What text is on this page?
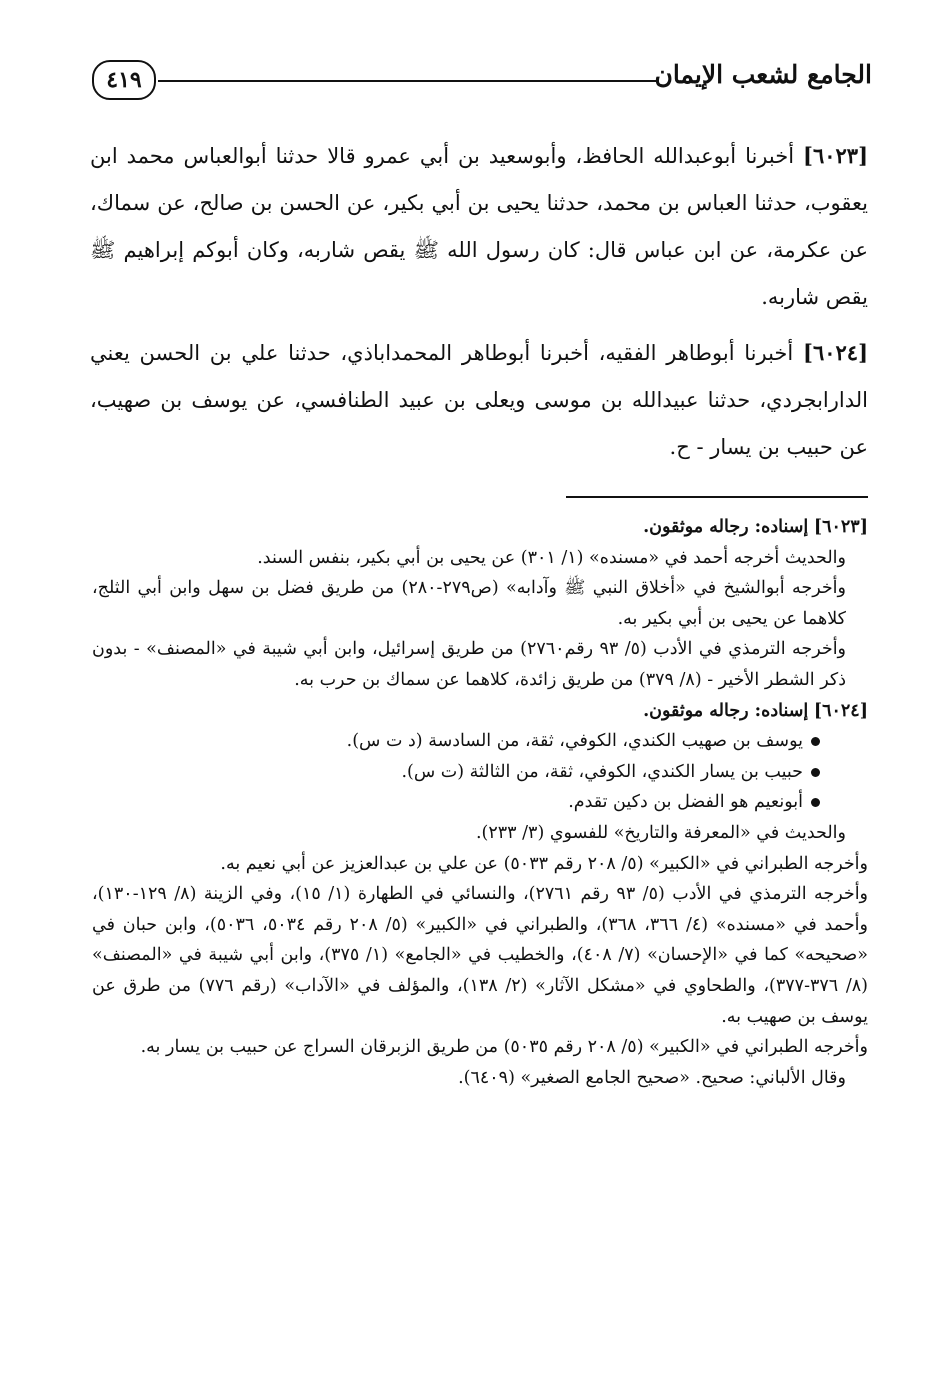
الجامع لشعب الإيمان
٤١٩

[٦٠٢٣] أخبرنا أبوعبدالله الحافظ، وأبوسعيد بن أبي عمرو قالا حدثنا أبوالعباس محمد ابن يعقوب، حدثنا العباس بن محمد، حدثنا يحيى بن أبي بكير، عن الحسن بن صالح، عن سماك، عن عكرمة، عن ابن عباس قال: كان رسول الله ﷺ يقص شاربه، وكان أبوكم إبراهيم ﷺ يقص شاربه.

[٦٠٢٤] أخبرنا أبوطاهر الفقيه، أخبرنا أبوطاهر المحمداباذي، حدثنا علي بن الحسن يعني الدارابجردي، حدثنا عبيدالله بن موسى ويعلى بن عبيد الطنافسي، عن يوسف بن صهيب، عن حبيب بن يسار - ح.

[٦٠٢٣] إسناده: رجاله موثقون.

والحديث أخرجه أحمد في «مسنده» (١/ ٣٠١) عن يحيى بن أبي بكير، بنفس السند.

وأخرجه أبوالشيخ في «أخلاق النبي ﷺ وآدابه» (ص٢٧٩-٢٨٠) من طريق فضل بن سهل وابن أبي الثلج، كلاهما عن يحيى بن أبي بكير به.

وأخرجه الترمذي في الأدب (٥/ ٩٣ رقم٢٧٦٠) من طريق إسرائيل، وابن أبي شيبة في «المصنف» - بدون ذكر الشطر الأخير - (٨/ ٣٧٩) من طريق زائدة، كلاهما عن سماك بن حرب به.

[٦٠٢٤] إسناده: رجاله موثقون.

يوسف بن صهيب الكندي، الكوفي، ثقة، من السادسة (د ت س).
حبيب بن يسار الكندي، الكوفي، ثقة، من الثالثة (ت س).
أبونعيم هو الفضل بن دكين تقدم.

والحديث في «المعرفة والتاريخ» للفسوي (٣/ ٢٣٣).

وأخرجه الطبراني في «الكبير» (٥/ ٢٠٨ رقم ٥٠٣٣) عن علي بن عبدالعزيز عن أبي نعيم به.

وأخرجه الترمذي في الأدب (٥/ ٩٣ رقم ٢٧٦١)، والنسائي في الطهارة (١/ ١٥)، وفي الزينة (٨/ ١٢٩-١٣٠)، وأحمد في «مسنده» (٤/ ٣٦٦، ٣٦٨)، والطبراني في «الكبير» (٥/ ٢٠٨ رقم ٥٠٣٤، ٥٠٣٦)، وابن حبان في «صحيحه» كما في «الإحسان» (٧/ ٤٠٨)، والخطيب في «الجامع» (١/ ٣٧٥)، وابن أبي شيبة في «المصنف» (٨/ ٣٧٦-٣٧٧)، والطحاوي في «مشكل الآثار» (٢/ ١٣٨)، والمؤلف في «الآداب» (رقم ٧٧٦) من طرق عن يوسف بن صهيب به.

وأخرجه الطبراني في «الكبير» (٥/ ٢٠٨ رقم ٥٠٣٥) من طريق الزبرقان السراج عن حبيب بن يسار به.

وقال الألباني: صحيح. «صحيح الجامع الصغير» (٦٤٠٩).
